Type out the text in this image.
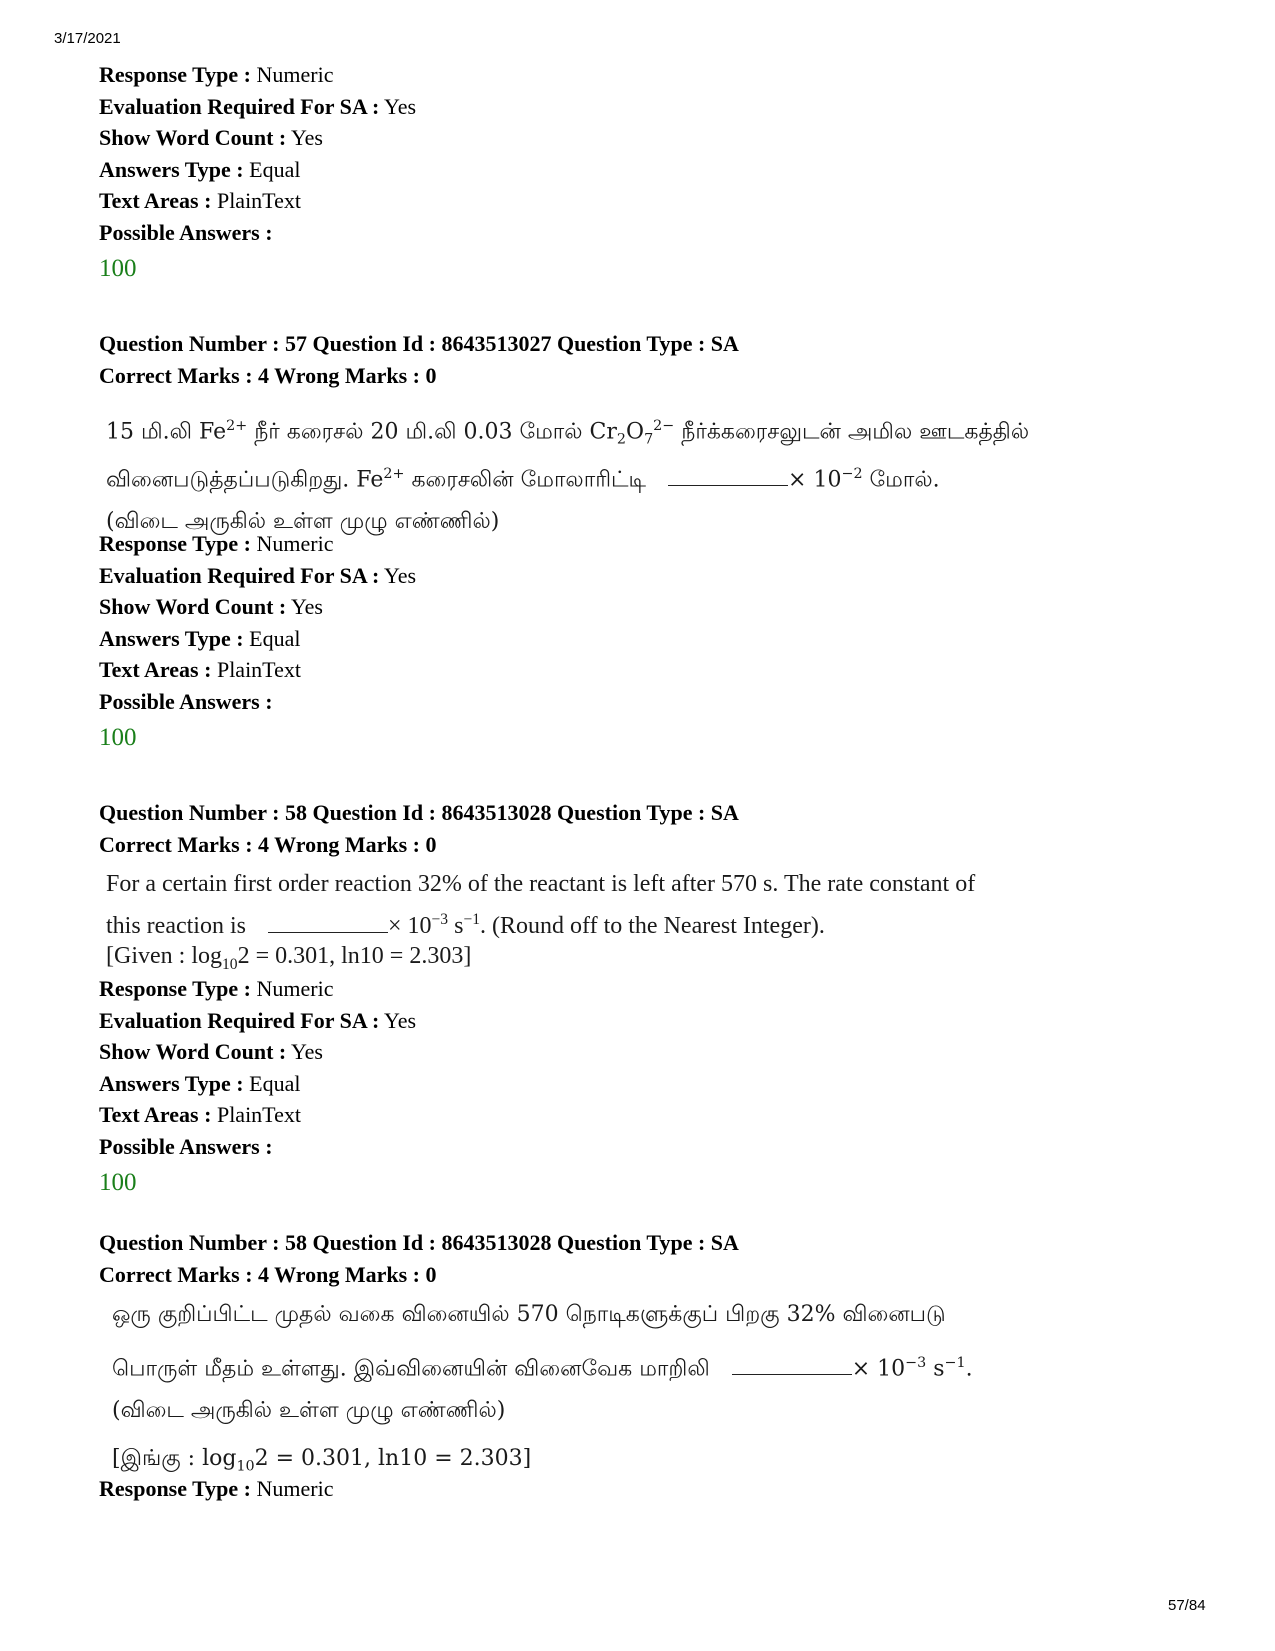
3/17/2021
Response Type : Numeric
Evaluation Required For SA : Yes
Show Word Count : Yes
Answers Type : Equal
Text Areas : PlainText
Possible Answers :
100
Question Number : 57 Question Id : 8643513027 Question Type : SA
Correct Marks : 4 Wrong Marks : 0
15 மி.லி $Fe^{2+}$ நீர் கரைசல் 20 மி.லி 0.03 மோல் $Cr_2O_7^{2-}$ நீர்க்கரைசலுடன் அமில ஊடகத்தில்
வினைபடுத்தப்படுகிறது. $Fe^{2+}$ கரைசலின் மோலாரிட்டி	× $10^{-2}$ மோல்.
(விடை அருகில் உள்ள முழு எண்ணில்)
Response Type : Numeric
Evaluation Required For SA : Yes
Show Word Count : Yes
Answers Type : Equal
Text Areas : PlainText
Possible Answers :
100
Question Number : 58 Question Id : 8643513028 Question Type : SA
Correct Marks : 4 Wrong Marks : 0
For a certain first order reaction 32% of the reactant is left after 570 s. The rate constant of
this reaction is	× $10^{-3}$ $s^{-1}$. (Round off to the Nearest Integer).
[Given : $\log_{10}2 = 0.301$, ln10 = 2.303]
Response Type : Numeric
Evaluation Required For SA : Yes
Show Word Count : Yes
Answers Type : Equal
Text Areas : PlainText
Possible Answers :
100
Question Number : 58 Question Id : 8643513028 Question Type : SA
Correct Marks : 4 Wrong Marks : 0
ஒரு குறிப்பிட்ட முதல் வகை வினையில் 570 நொடிகளுக்குப் பிறகு 32% வினைபடு
பொருள் மீதம் உள்ளது. இவ்வினையின் வினைவேக மாறிலி	× $10^{-3}$ $s^{-1}$.
(விடை அருகில் உள்ள முழு எண்ணில்)
[இங்கு : $\log_{10}2 = 0.301$, ln10 = 2.303]
Response Type : Numeric
57/84
